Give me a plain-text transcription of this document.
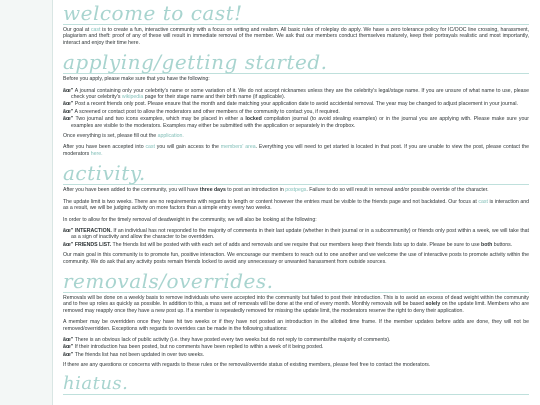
welcome to cast!

Our goal at cast is to create a fun, interactive community with a focus on writing and realism. All basic rules of roleplay do apply. We have a zero tolerance policy for IC/OOC line crossing, harassment, plagiarism and theft: proof of any of these will result in immediate removal of the member. We ask that our members conduct themselves maturely, keep their portrayals realistic and most importantly, interact and enjoy their time here.

applying/getting started.

Before you apply, please make sure that you have the following:

âœ” A journal containing only your celebrity's name or some variation of it. We do not accept nicknames unless they are the celebrity's legal/stage name. If you are unsure of what name to use, please check your celebrity's wikipedia page for their stage name and their birth name (if applicable).

âœ” Post a recent friends only post. Please ensure that the month and date matching your application date to avoid accidental removal. The year may be changed to adjust placement in your journal.

âœ” A screened or contact post to allow the moderators and other members of the community to contact you, if required.

âœ” Two journal and two icons examples, which may be placed in either a locked compilation journal (to avoid stealing examples) or in the journal you are applying with. Please make sure your examples are visible to the moderators. Examples may either be submitted with the application or separately in the dropbox.

Once everything is set, please fill out the application.

After you have been accepted into cast you will gain access to the members' area. Everything you will need to get started is located in that post. If you are unable to view the post, please contact the moderators here.

activity.

After you have been added to the community, you will have three days to post an introduction in postpegs. Failure to do so will result in removal and/or possible override of the character.

The update limit is two weeks. There are no requirements with regards to length or content however the entries must be visible to the friends page and not backdated. Our focus at cast is interaction and as a result, we will be judging activity on more factors than a simple entry every two weeks.

In order to allow for the timely removal of deadweight in the community, we will also be looking at the following:

âœ” INTERACTION. If an individual has not responded to the majority of comments in their last update (whether in their journal or in a subcommunity) or friends only post within a week, we will take that as a sign of inactivity and allow the character to be overridden.

âœ” FRIENDS LIST. The friends list will be posted with with each set of adds and removals and we require that our members keep their friends lists up to date. Please be sure to use both buttons.

Our main goal in this community is to promote fun, positive interaction. We encourage our members to reach out to one another and we welcome the use of interactive posts to promote activity within the community. We do ask that any activity posts remain friends locked to avoid any unnecessary or unwanted harassment from outside sources.

removals/overrides.

Removals will be done on a weekly basis to remove individuals who were accepted into the community but failed to post their introduction. This is to avoid an excess of dead weight within the community and to free up roles as quickly as possible. In addition to this, a mass set of removals will be done at the end of every month. Monthly removals will be based solely on the update limit. Members who are removed may reapply once they have a new post up. If a member is repeatedly removed for missing the update limit, the moderators reserve the right to deny their application.

A member may be overridden once they have hit two weeks or if they have not posted an introduction in the allotted time frame. If the member updates before adds are done, they will not be removed/overridden. Exceptions with regards to overrides can be made in the following situations:

âœ” There is an obvious lack of public activity (i.e. they have posted every two weeks but do not reply to comments/the majority of comments).

âœ” If their introduction has been posted, but no comments have been replied to within a week of it being posted.

âœ” The friends list has not been updated in over two weeks.

If there are any questions or concerns with regards to these rules or the removal/override status of existing members, please feel free to contact the moderators.

hiatus.
